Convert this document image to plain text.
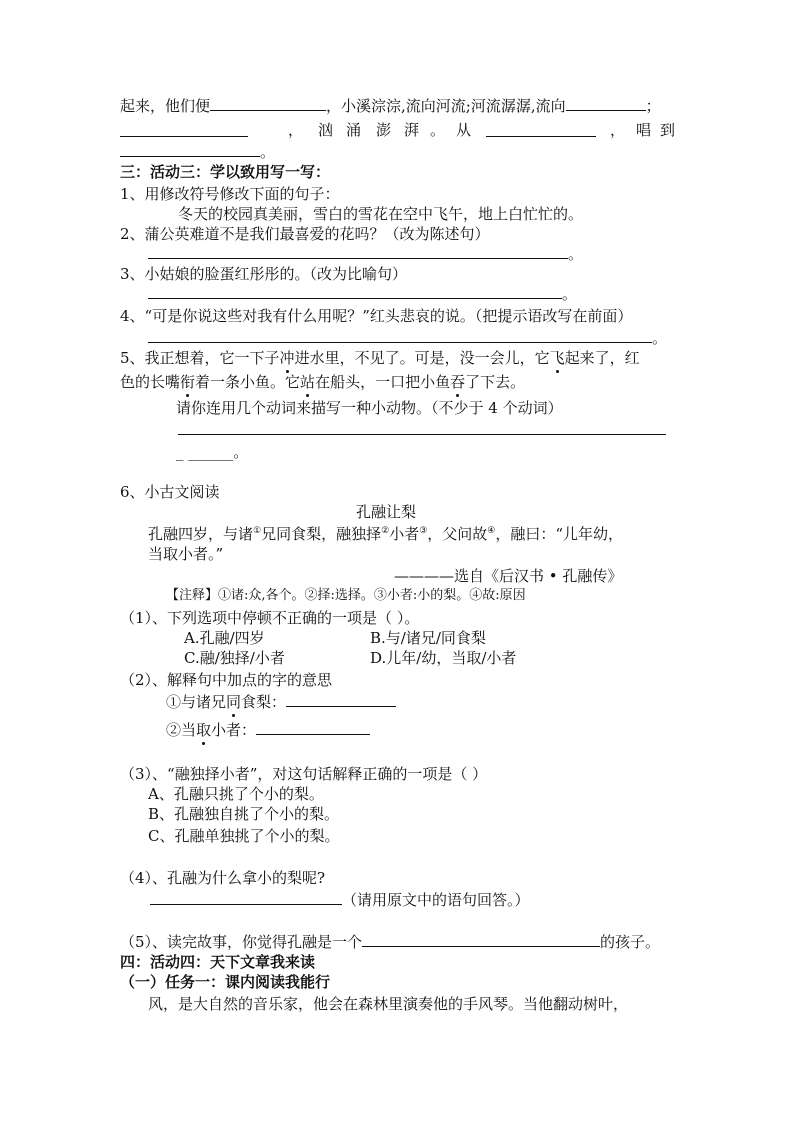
起来，他们便	，小溪淙淙,流向河流;河流潺潺,流向	；
， 汹 涌 澎 湃 。 从	， 唱 到
。
三：活动三：学以致用写一写：
1、用修改符号修改下面的句子：
冬天的校园真美丽，雪白的雪花在空中飞午，地上白忙忙的。
2、蒲公英难道不是我们最喜爱的花吗？（改为陈述句）
。
3、小姑娘的脸蛋红彤彤的。（改为比喻句）
。
4、“可是你说这些对我有什么用呢？”红头悲哀的说。（把提示语改写在前面）
。
5、我正想着，它一下子冲进水里，不见了。可是，没一会儿，它飞起来了，红
色的长嘴衔着一条小鱼。它站在船头，一口把小鱼吞了下去。
请你连用几个动词来描写一种小动物。（不少于 4 个动词）
_ ______。
6、小古文阅读
孔融让梨
孔融四岁，与诸①兄同食梨，融独择②小者③，父问故④，融曰：“儿年幼，
当取小者。”
————选自《后汉书 • 孔融传》
【注释】①诸:众,各个。②择:选择。③小者:小的梨。④故:原因
（1）、下列选项中停顿不正确的一项是（ ）。
A.孔融/四岁	B.与/诸兄/同食梨
C.融/独择/小者	D.儿年/幼，当取/小者
（2）、解释句中加点的字的意思
①与诸兄同食梨：
②当取小者：
（3）、“融独择小者”，对这句话解释正确的一项是（ ）
A、孔融只挑了个小的梨。
B、孔融独自挑了个小的梨。
C、孔融单独挑了个小的梨。
（4）、孔融为什么拿小的梨呢?
（请用原文中的语句回答。）
（5）、读完故事，你觉得孔融是一个	的孩子。
四：活动四：天下文章我来读
（一）任务一：课内阅读我能行
风，是大自然的音乐家，他会在森林里演奏他的手风琴。当他翻动树叶，
